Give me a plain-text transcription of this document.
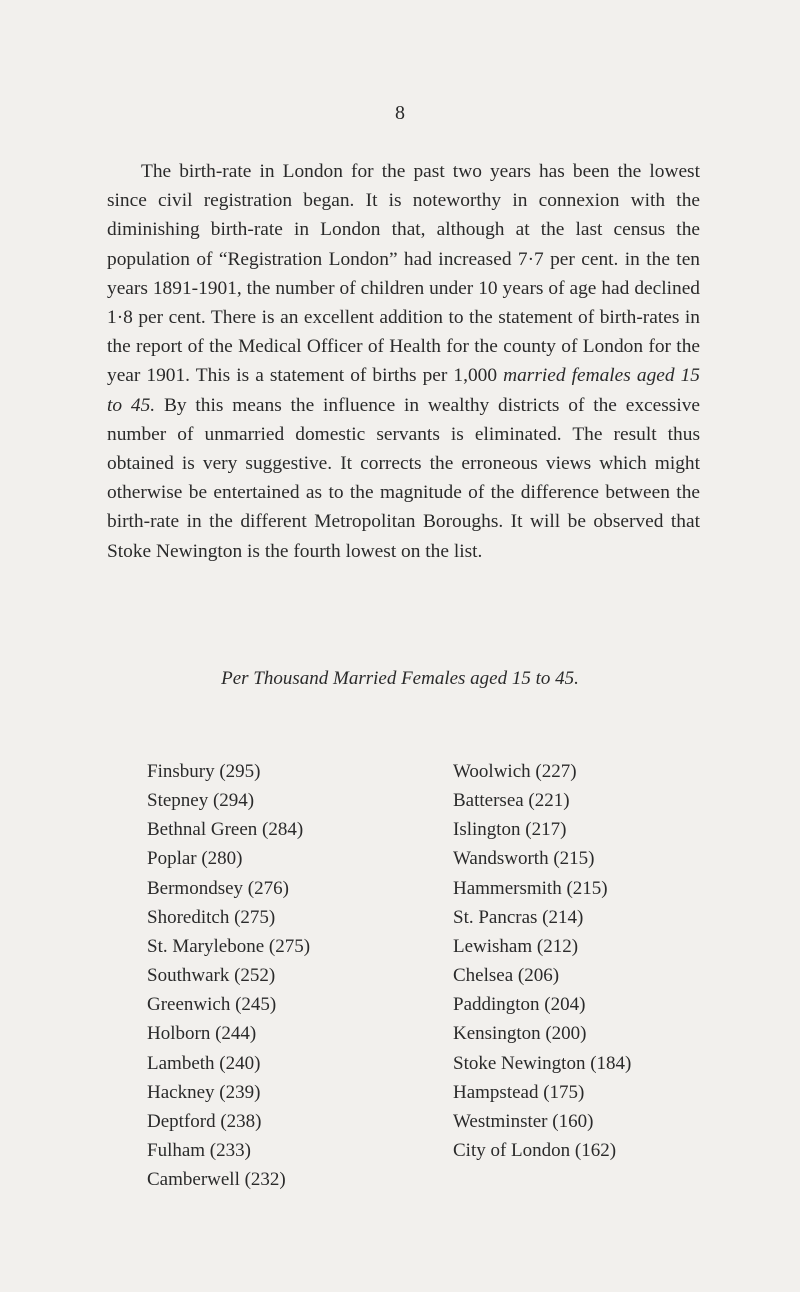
8

The birth-rate in London for the past two years has been the lowest since civil registration began. It is noteworthy in connexion with the diminishing birth-rate in London that, although at the last census the population of “Registration London” had increased 7·7 per cent. in the ten years 1891-1901, the number of children under 10 years of age had declined 1·8 per cent. There is an excellent addition to the statement of birth-rates in the report of the Medical Officer of Health for the county of London for the year 1901. This is a statement of births per 1,000 married females aged 15 to 45. By this means the influence in wealthy districts of the excessive number of unmarried domestic servants is eliminated. The result thus obtained is very suggestive. It corrects the erroneous views which might otherwise be entertained as to the magnitude of the difference between the birth-rate in the different Metropolitan Boroughs. It will be observed that Stoke Newington is the fourth lowest on the list.

Per Thousand Married Females aged 15 to 45.
Finsbury (295)
Stepney (294)
Bethnal Green (284)
Poplar (280)
Bermondsey (276)
Shoreditch (275)
St. Marylebone (275)
Southwark (252)
Greenwich (245)
Holborn (244)
Lambeth (240)
Hackney (239)
Deptford (238)
Fulham (233)
Camberwell (232)
Woolwich (227)
Battersea (221)
Islington (217)
Wandsworth (215)
Hammersmith (215)
St. Pancras (214)
Lewisham (212)
Chelsea (206)
Paddington (204)
Kensington (200)
Stoke Newington (184)
Hampstead (175)
Westminster (160)
City of London (162)
